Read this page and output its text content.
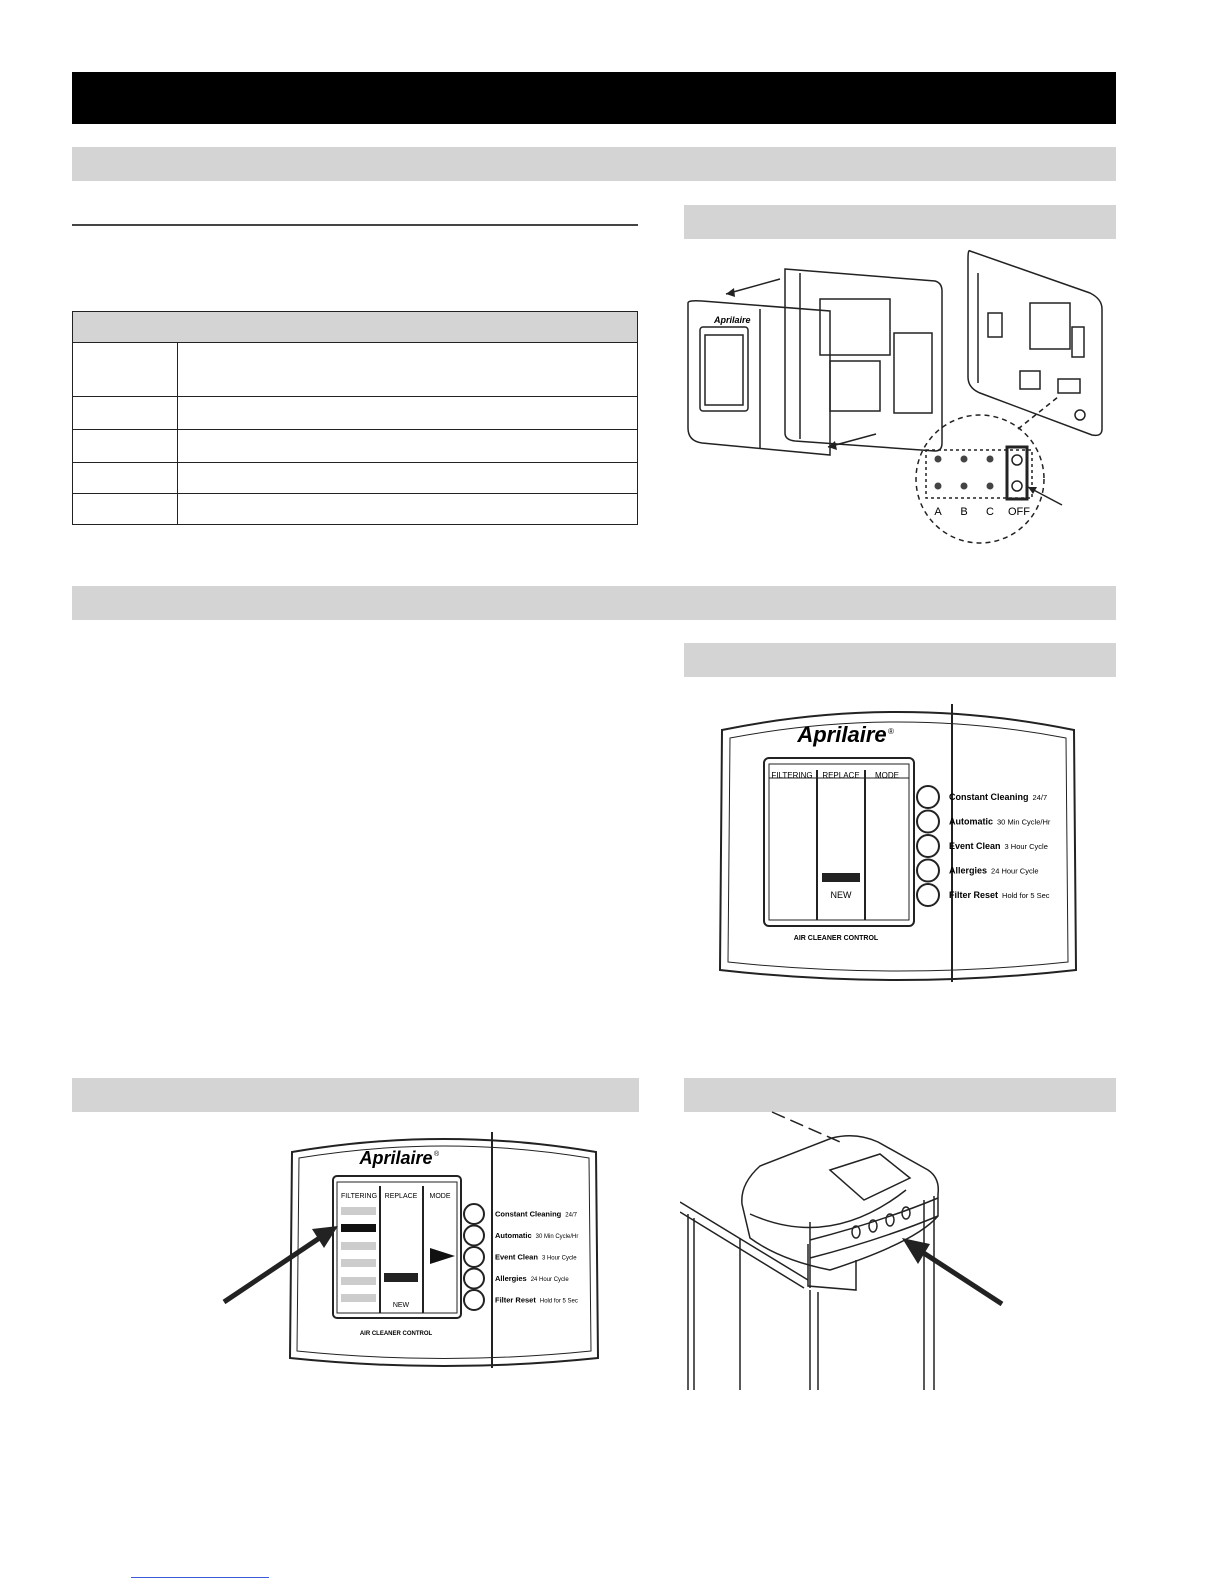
Aprilaire
A B C OFF
Aprilaire ®
FILTERING REPLACE MODE
NEW
AIR CLEANER CONTROL
Constant Cleaning 24/7
Automatic 30 Min Cycle/Hr
Event Clean 3 Hour Cycle
Allergies 24 Hour Cycle
Filter Reset Hold for 5 Sec
Aprilaire ®
FILTERING REPLACE MODE
NEW
AIR CLEANER CONTROL
Constant Cleaning 24/7
Automatic 30 Min Cycle/Hr
Event Clean 3 Hour Cycle
Allergies 24 Hour Cycle
Filter Reset Hold for 5 Sec
